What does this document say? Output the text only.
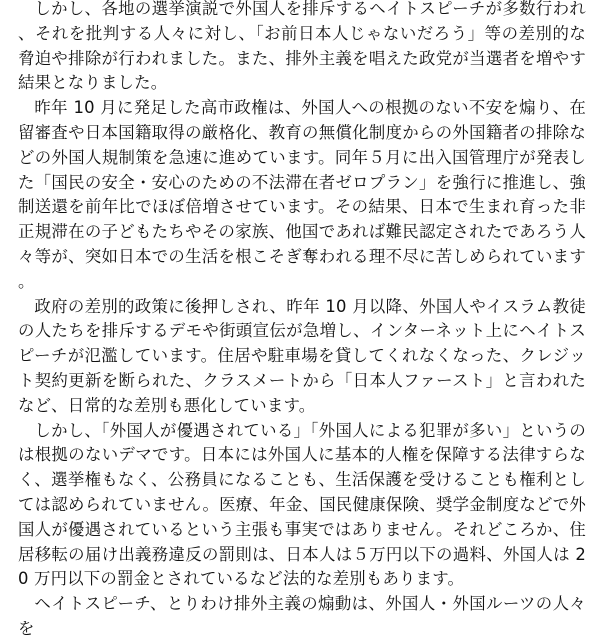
しかし、各地の選挙演説で外国人を排斥するヘイトスピーチが多数行われ、それを批判する人々に対し、「お前日本人じゃないだろう」等の差別的な脅迫や排除が行われました。また、排外主義を唱えた政党が当選者を増やす結果となりました。

昨年 10 月に発足した高市政権は、外国人への根拠のない不安を煽り、在留審査や日本国籍取得の厳格化、教育の無償化制度からの外国籍者の排除などの外国人規制策を急速に進めています。同年５月に出入国管理庁が発表した「国民の安全・安心のための不法滞在者ゼロプラン」を強行に推進し、強制送還を前年比でほぼ倍増させています。その結果、日本で生まれ育った非正規滞在の子どもたちやその家族、他国であれば難民認定されたであろう人々等が、突如日本での生活を根こそぎ奪われる理不尽に苦しめられています。

政府の差別的政策に後押しされ、昨年 10 月以降、外国人やイスラム教徒の人たちを排斥するデモや街頭宣伝が急増し、インターネット上にヘイトスピーチが氾濫しています。住居や駐車場を貸してくれなくなった、クレジット契約更新を断られた、クラスメートから「日本人ファースト」と言われたなど、日常的な差別も悪化しています。

しかし、「外国人が優遇されている」「外国人による犯罪が多い」というのは根拠のないデマです。日本には外国人に基本的人権を保障する法律すらなく、選挙権もなく、公務員になることも、生活保護を受けることも権利としては認められていません。医療、年金、国民健康保険、奨学金制度などで外国人が優遇されているという主張も事実ではありません。それどころか、住居移転の届け出義務違反の罰則は、日本人は５万円以下の過料、外国人は 20 万円以下の罰金とされているなど法的な差別もあります。

ヘイトスピーチ、とりわけ排外主義の煽動は、外国人・外国ルーツの人々を
